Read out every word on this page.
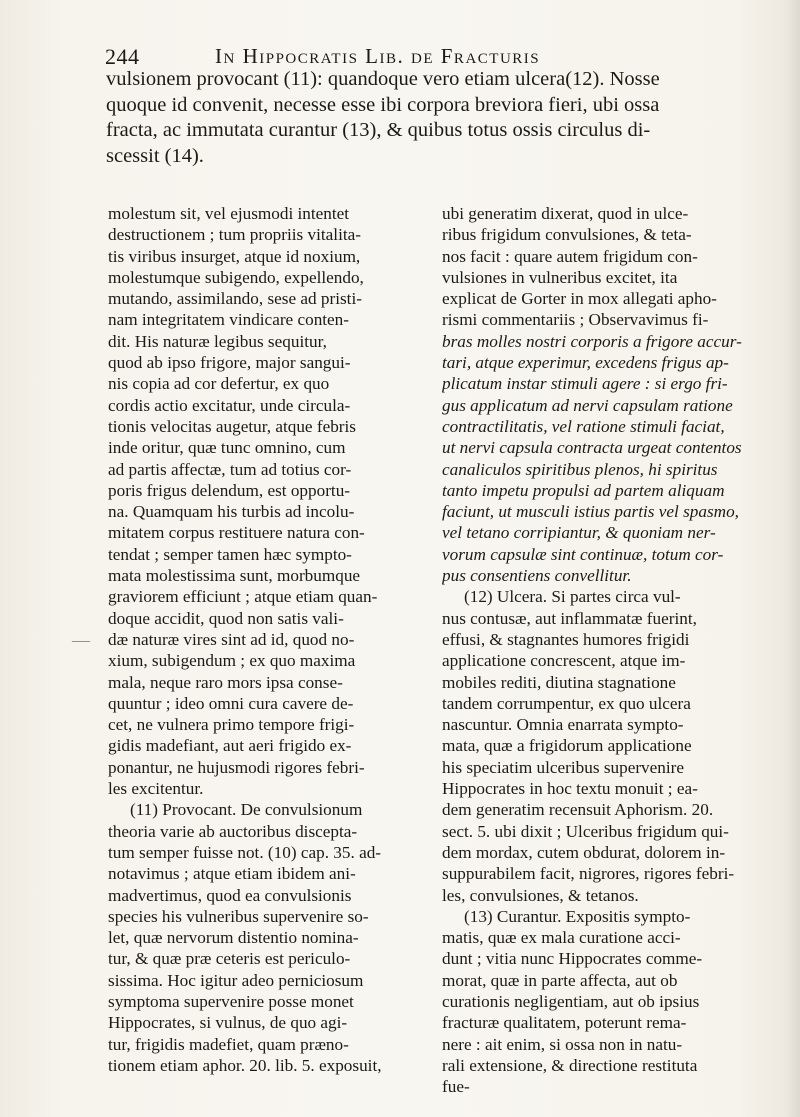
244	In Hippocratis Lib. de Fracturis
vulsionem provocant (11): quandoque vero etiam ulcera(12). Nosse
quoque id convenit, necesse esse ibi corpora breviora fieri, ubi ossa
fracta, ac immutata curantur (13), & quibus totus ossis circulus di-
scessit (14).
molestum sit, vel ejusmodi intentet
destructionem ; tum propriis vitalita-
tis viribus insurget, atque id noxium,
molestumque subigendo, expellendo,
mutando, assimilando, sese ad pristi-
nam integritatem vindicare conten-
dit. His naturæ legibus sequitur,
quod ab ipso frigore, major sangui-
nis copia ad cor defertur, ex quo
cordis actio excitatur, unde circula-
tionis velocitas augetur, atque febris
inde oritur, quæ tunc omnino, cum
ad partis affectæ, tum ad totius cor-
poris frigus delendum, est opportu-
na. Quamquam his turbis ad incolu-
mitatem corpus restituere natura con-
tendat ; semper tamen hæc sympto-
mata molestissima sunt, morbumque
graviorem efficiunt ; atque etiam quan-
doque accidit, quod non satis vali-
dæ naturæ vires sint ad id, quod no-
xium, subigendum ; ex quo maxima
mala, neque raro mors ipsa conse-
quuntur ; ideo omni cura cavere de-
cet, ne vulnera primo tempore frigi-
gidis madefiant, aut aeri frigido ex-
ponantur, ne hujusmodi rigores febri-
les excitentur.
(11) Provocant. De convulsionum
theoria varie ab auctoribus disceptа-
tum semper fuisse not. (10) cap. 35. ad-
notavimus ; atque etiam ibidem ani-
madvertimus, quod ea convulsionis
species his vulneribus supervenire so-
let, quæ nervorum distentio nomina-
tur, & quæ præ ceteris est periculo-
sissima. Hoc igitur adeo perniciosum
symptoma supervenire posse monet
Hippocrates, si vulnus, de quo agi-
tur, frigidis madefiet, quam præno-
tionem etiam aphor. 20. lib. 5. exposuit,
ubi generatim dixerat, quod in ulce-
ribus frigidum convulsiones, & teta-
nos facit : quare autem frigidum con-
vulsiones in vulneribus excitet, ita
explicat de Gorter in mox allegati apho-
rismi commentariis ; Observavimus fi-
bras molles nostri corporis a frigore accur-
tari, atque experimur, excedens frigus ap-
plicatum instar stimuli agere : si ergo fri-
gus applicatum ad nervi capsulam ratione
contractilitatis, vel ratione stimuli faciat,
ut nervi capsula contracta urgeat contentos
canaliculos spiritibus plenos, hi spiritus
tanto impetu propulsi ad partem aliquam
faciunt, ut musculi istius partis vel spasmo,
vel tetano corripiantur, & quoniam ner-
vorum capsulæ sint continuæ, totum cor-
pus consentiens convellitur.
(12) Ulcera. Si partes circa vul-
nus contusæ, aut inflammatæ fuerint,
effusi, & stagnantes humores frigidi
applicatione concrescent, atque im-
mobiles rediti, diutina stagnatione
tandem corrumpentur, ex quo ulcera
nascuntur. Omnia enarrata sympto-
mata, quæ a frigidorum applicatione
his speciatim ulceribus supervenire
Hippocrates in hoc textu monuit ; ea-
dem generatim recensuit Aphorism. 20.
sect. 5. ubi dixit ; Ulceribus frigidum qui-
dem mordax, cutem obdurat, dolorem in-
suppurabilem facit, nigrores, rigores febri-
les, convulsiones, & tetanos.
(13) Curantur. Expositis sympto-
matis, quæ ex mala curatione acci-
dunt ; vitia nunc Hippocrates comme-
morat, quæ in parte affecta, aut ob
curationis negligentiam, aut ob ipsius
fracturæ qualitatem, poterunt rema-
nere : ait enim, si ossa non in natu-
rali extensione, & directione restituta
fue-
—
